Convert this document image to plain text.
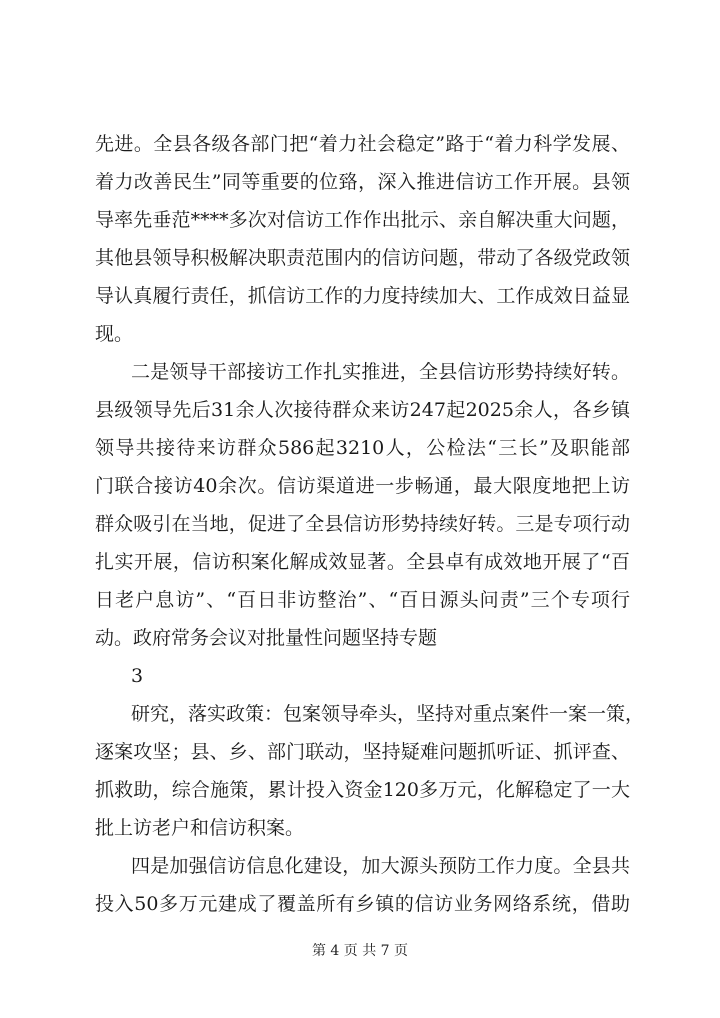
先进。全县各级各部门把“着力社会稳定”路于“着力科学发展、
着力改善民生”同等重要的位臵，深入推进信访工作开展。县领
导率先垂范****多次对信访工作作出批示、亲自解决重大问题，
其他县领导积极解决职责范围内的信访问题，带动了各级党政领
导认真履行责任，抓信访工作的力度持续加大、工作成效日益显
现。
二是领导干部接访工作扎实推进，全县信访形势持续好转。
县级领导先后31余人次接待群众来访247起2025余人，各乡镇
领导共接待来访群众586起3210人，公检法“三长”及职能部
门联合接访40余次。信访渠道进一步畅通，最大限度地把上访
群众吸引在当地，促进了全县信访形势持续好转。三是专项行动
扎实开展，信访积案化解成效显著。全县卓有成效地开展了“百
日老户息访”、“百日非访整治”、“百日源头问责”三个专项行
动。政府常务会议对批量性问题坚持专题
3
研究，落实政策：包案领导牵头，坚持对重点案件一案一策，
逐案攻坚；县、乡、部门联动，坚持疑难问题抓听证、抓评查、
抓救助，综合施策，累计投入资金120多万元，化解稳定了一大
批上访老户和信访积案。
四是加强信访信息化建设，加大源头预防工作力度。全县共
投入50多万元建成了覆盖所有乡镇的信访业务网络系统，借助
第 4 页 共 7 页
